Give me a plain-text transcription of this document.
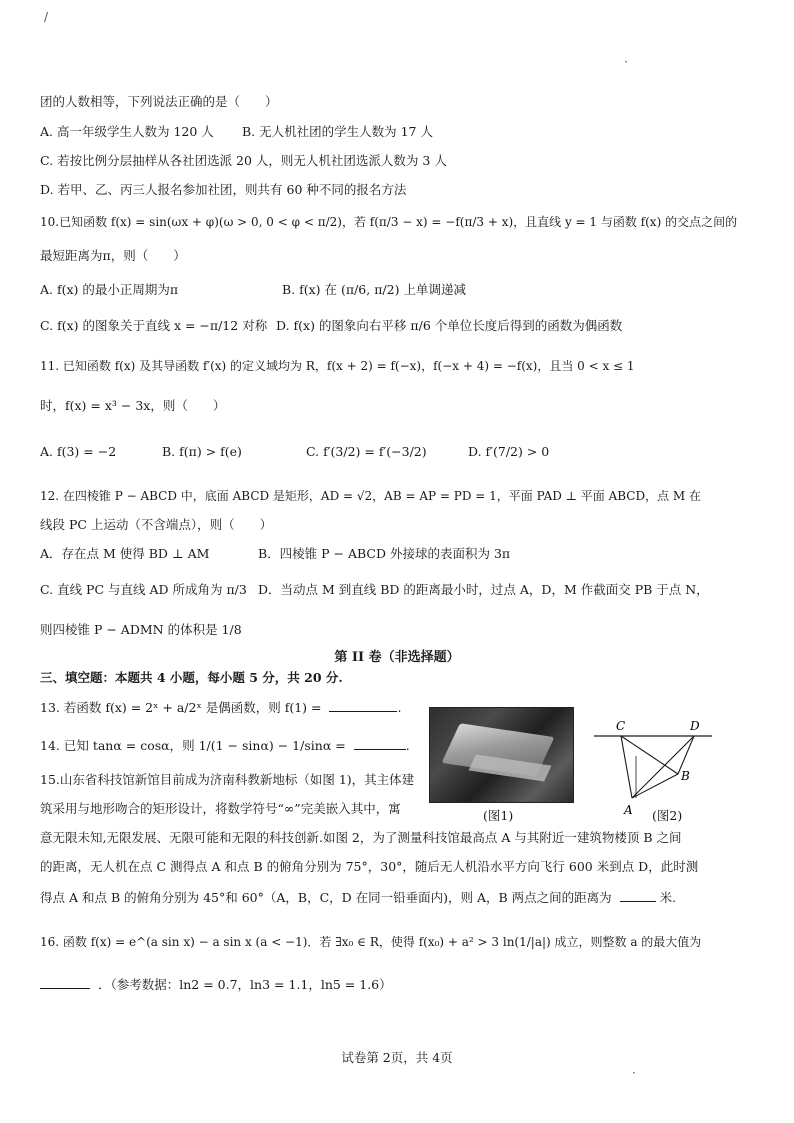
/
·
·
团的人数相等，下列说法正确的是（　　）
A. 高一年级学生人数为 120 人 B. 无人机社团的学生人数为 17 人
C. 若按比例分层抽样从各社团选派 20 人，则无人机社团选派人数为 3 人
D. 若甲、乙、丙三人报名参加社团，则共有 60 种不同的报名方法
10.已知函数 f(x) = sin(ωx + φ)(ω > 0, 0 < φ < π/2)，若 f(π/3 − x) = −f(π/3 + x)，且直线 y = 1 与函数 f(x) 的交点之间的
最短距离为π，则（　　）
A. f(x) 的最小正周期为π	B. f(x) 在 (π/6, π/2) 上单调递减
C. f(x) 的图象关于直线 x = −π/12 对称 D. f(x) 的图象向右平移 π/6 个单位长度后得到的函数为偶函数
11. 已知函数 f(x) 及其导函数 f′(x) 的定义域均为 R，f(x + 2) = f(−x)，f(−x + 4) = −f(x)，且当 0 < x ≤ 1
时，f(x) = x³ − 3x，则（　　）
A. f(3) = −2	B. f(π) > f(e)	C. f′(3/2) = f′(−3/2)	D. f′(7/2) > 0
12. 在四棱锥 P − ABCD 中，底面 ABCD 是矩形，AD = √2，AB = AP = PD = 1，平面 PAD ⊥ 平面 ABCD，点 M 在
线段 PC 上运动（不含端点），则（　　）
A．存在点 M 使得 BD ⊥ AM	B．四棱锥 P − ABCD 外接球的表面积为 3π
C. 直线 PC 与直线 AD 所成角为 π/3 D．当动点 M 到直线 BD 的距离最小时，过点 A，D，M 作截面交 PB 于点 N，
则四棱锥 P − ADMN 的体积是 1/8
第 II 卷（非选择题）
三、填空题：本题共 4 小题，每小题 5 分，共 20 分.
13. 若函数 f(x) = 2ˣ + a/2ˣ 是偶函数，则 f(1) =	.
14. 已知 tanα = cosα，则 1/(1 − sinα) − 1/sinα =	.
15.山东省科技馆新馆目前成为济南科教新地标（如图 1)，其主体建
筑采用与地形吻合的矩形设计，将数学符号“∞”完美嵌入其中，寓
意无限未知,无限发展、无限可能和无限的科技创新.如图 2，为了测量科技馆最高点 A 与其附近一建筑物楼顶 B 之间
的距离，无人机在点 C 测得点 A 和点 B 的俯角分别为 75°，30°，随后无人机沿水平方向飞行 600 米到点 D，此时测
得点 A 和点 B 的俯角分别为 45°和 60°（A，B，C，D 在同一铅垂面内)，则 A，B 两点之间的距离为	米.
(图1)
C	D
B
A (图2)
16. 函数 f(x) = e^(a sin x) − a sin x (a < −1)．若 ∃x₀ ∈ R，使得 f(x₀) + a² > 3 ln(1/|a|) 成立，则整数 a 的最大值为
．（参考数据：ln2 = 0.7，ln3 = 1.1，ln5 = 1.6）
试卷第 2页，共 4页
